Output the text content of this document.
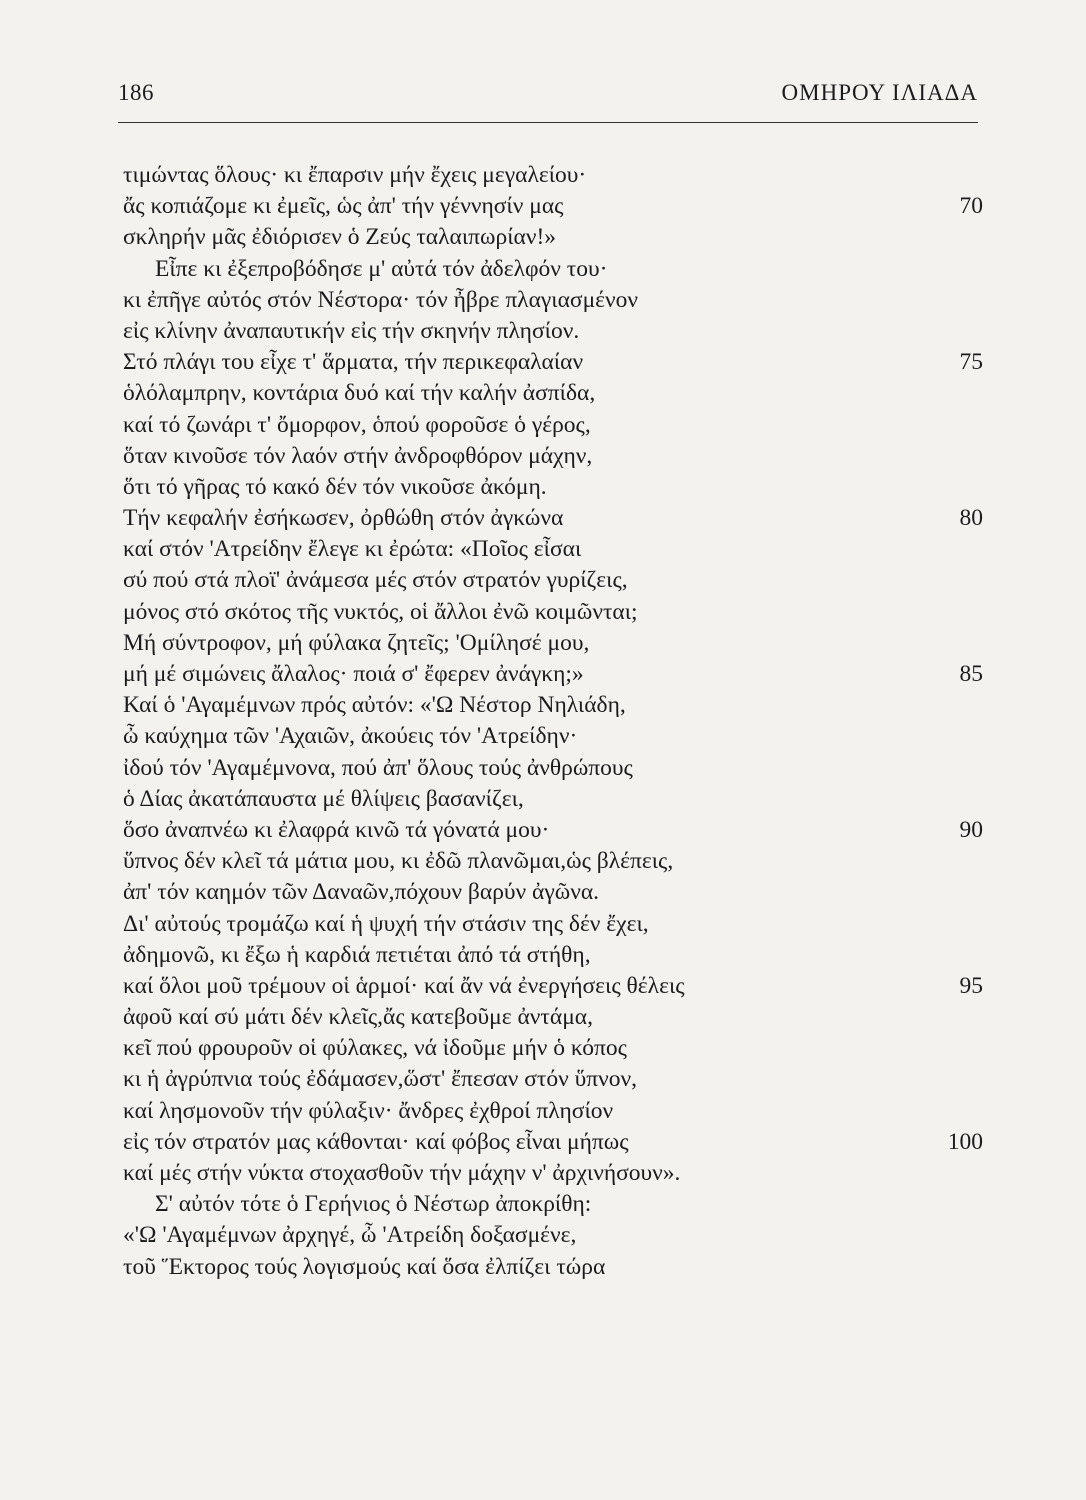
186	ΟΜΗΡΟΥ ΙΛΙΑΔΑ
τιμώντας ὅλους· κι ἔπαρσιν μήν ἔχεις μεγαλείου·
ἄς κοπιάζομε κι ἐμεῖς, ὡς ἀπ' τήν γέννησίν μας	70
σκληρήν μᾶς ἐδιόρισεν ὁ Ζεύς ταλαιπωρίαν!»
Εἶπε κι ἐξεπροβόδησε μ' αὐτά τόν ἀδελφόν του·
κι ἐπῆγε αὐτός στόν Νέστορα· τόν ἦβρε πλαγιασμένον
εἰς κλίνην ἀναπαυτικήν εἰς τήν σκηνήν πλησίον.
Στό πλάγι του εἶχε τ' ἅρματα, τήν περικεφαλαίαν	75
ὁλόλαμπρην, κοντάρια δυό καί τήν καλήν ἀσπίδα,
καί τό ζωνάρι τ' ὄμορφον, ὁπού φοροῦσε ὁ γέρος,
ὅταν κινοῦσε τόν λαόν στήν ἀνδροφθόρον μάχην,
ὅτι τό γῆρας τό κακό δέν τόν νικοῦσε ἀκόμη.
Τήν κεφαλήν ἐσήκωσεν, ὀρθώθη στόν ἀγκώνα	80
καί στόν 'Ατρείδην ἔλεγε κι ἐρώτα: «Ποῖος εἶσαι
σύ πού στά πλοϊ' ἀνάμεσα μές στόν στρατόν γυρίζεις,
μόνος στό σκότος τῆς νυκτός, οἱ ἄλλοι ἐνῶ κοιμῶνται;
Μή σύντροφον, μή φύλακα ζητεῖς; 'Ομίλησέ μου,
μή μέ σιμώνεις ἄλαλος· ποιά σ' ἔφερεν ἀνάγκη;»	85
Καί ὁ 'Αγαμέμνων πρός αὐτόν: «'Ω Νέστορ Νηλιάδη,
ὦ καύχημα τῶν 'Αχαιῶν, ἀκούεις τόν 'Ατρείδην·
ἰδού τόν 'Αγαμέμνονα, πού ἀπ' ὅλους τούς ἀνθρώπους
ὁ Δίας ἀκατάπαυστα μέ θλίψεις βασανίζει,
ὅσο ἀναπνέω κι ἐλαφρά κινῶ τά γόνατά μου·	90
ὕπνος δέν κλεῖ τά μάτια μου, κι ἐδῶ πλανῶμαι,ὡς βλέπεις,
ἀπ' τόν καημόν τῶν Δαναῶν,πόχουν βαρύν ἀγῶνα.
Δι' αὐτούς τρομάζω καί ἡ ψυχή τήν στάσιν της δέν ἔχει,
ἀδημονῶ, κι ἔξω ἡ καρδιά πετιέται ἀπό τά στήθη,
καί ὅλοι μοῦ τρέμουν οἱ ἁρμοί· καί ἄν νά ἐνεργήσεις θέλεις	95
ἀφοῦ καί σύ μάτι δέν κλεῖς,ἄς κατεβοῦμε ἀντάμα,
κεῖ πού φρουροῦν οἱ φύλακες, νά ἰδοῦμε μήν ὁ κόπος
κι ἡ ἀγρύπνια τούς ἐδάμασεν,ὥστ' ἔπεσαν στόν ὕπνον,
καί λησμονοῦν τήν φύλαξιν· ἄνδρες ἐχθροί πλησίον
εἰς τόν στρατόν μας κάθονται· καί φόβος εἶναι μήπως	100
καί μές στήν νύκτα στοχασθοῦν τήν μάχην ν' ἀρχινήσουν».
Σ' αὐτόν τότε ὁ Γερήνιος ὁ Νέστωρ ἀποκρίθη:
«'Ω 'Αγαμέμνων ἀρχηγέ, ὦ 'Ατρείδη δοξασμένε,
τοῦ Ἕκτορος τούς λογισμούς καί ὅσα ἐλπίζει τώρα
